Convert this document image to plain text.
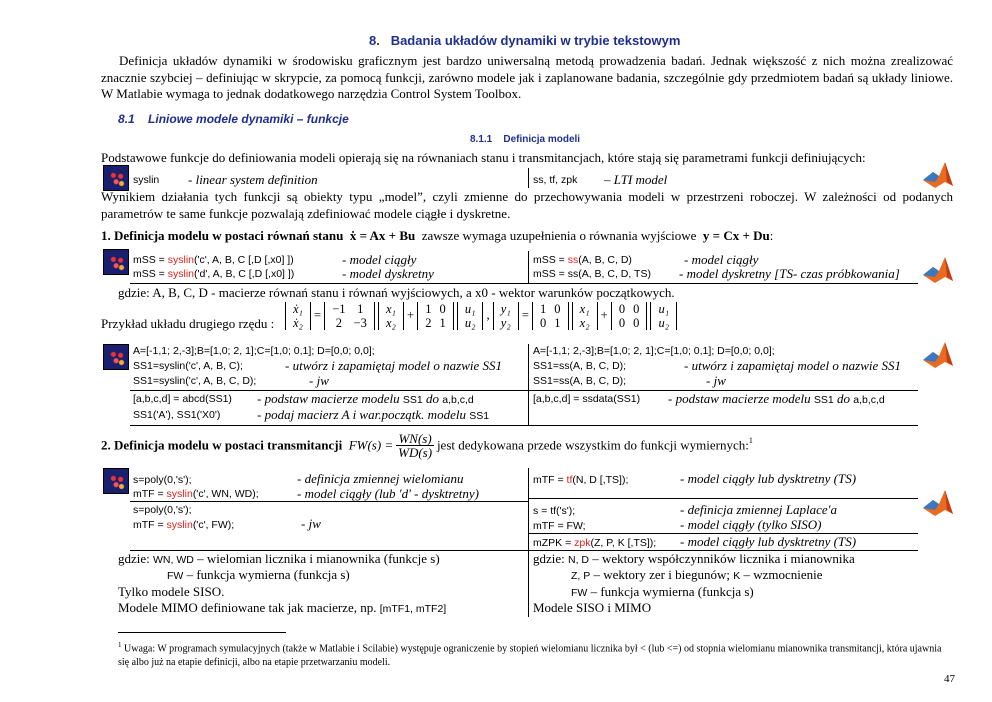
8. Badania układów dynamiki w trybie tekstowym
Definicja układów dynamiki w środowisku graficznym jest bardzo uniwersalną metodą prowadzenia badań. Jednak większość z nich można zrealizować znacznie szybciej – definiując w skrypcie, za pomocą funkcji, zarówno modele jak i zaplanowane badania, szczególnie gdy przedmiotem badań są układy liniowe. W Matlabie wymaga to jednak dodatkowego narzędzia Control System Toolbox.
8.1 Liniowe modele dynamiki – funkcje
8.1.1 Definicja modeli
Podstawowe funkcje do definiowania modeli opierają się na równaniach stanu i transmitancjach, które stają się parametrami funkcji definiujących:
syslin - linear system definition	ss, tf, zpk – LTI model
Wynikiem działania tych funkcji są obiekty typu „model”, czyli zmienne do przechowywania modeli w przestrzeni roboczej. W zależności od podanych parametrów te same funkcje pozwalają zdefiniować modele ciągłe i dyskretne.
1. Definicja modelu w postaci równań stanu ẋ = Ax + Bu zawsze wymaga uzupełnienia o równania wyjściowe y = Cx + Du:
mSS = syslin('c', A, B, C [,D [,x0] ])	- model ciągły
mSS = syslin('d', A, B, C [,D [,x0] ])	- model dyskretny
mSS = ss(A, B, C, D)	- model ciągły
mSS = ss(A, B, C, D, TS) - model dyskretny [TS- czas próbkowania]
gdzie: A, B, C, D - macierze równań stanu i równań wyjściowych, a x0 - wektor warunków początkowych.
Przykład układu drugiego rzędu :
ẋ₁
ẋ₂
= −1	1
2	−3

x₁
x₂
+ 1	0
2	1

u₁
u₂
, y₁
y₂
= 1	0
0	1

x₁
x₂
+ 0	0
0	0

u₁
u₂
A=[-1,1; 2,-3];B=[1,0; 2, 1];C=[1,0; 0,1]; D=[0,0; 0,0];
SS1=syslin('c', A, B, C);	- utwórz i zapamiętaj model o nazwie SS1
SS1=syslin('c', A, B, C, D);	- jw
[a,b,c,d] = abcd(SS1) - podstaw macierze modelu SS1 do a,b,c,d
SS1('A'), SS1('X0')	- podaj macierz A i war.początk. modelu SS1
A=[-1,1; 2,-3];B=[1,0; 2, 1];C=[1,0; 0,1]; D=[0,0; 0,0];
SS1=ss(A, B, C, D);	- utwórz i zapamiętaj model o nazwie SS1
SS1=ss(A, B, C, D);	- jw
[a,b,c,d] = ssdata(SS1) - podstaw macierze modelu SS1 do a,b,c,d
2. Definicja modelu w postaci transmitancji $FW(s) = \frac{WN(s)}{WD(s)}$ jest dedykowana przede wszystkim do funkcji wymiernych:$^1$
s=poly(0,'s');	- definicja zmiennej wielomianu
mTF = syslin('c', WN, WD);	- model ciągły (lub 'd' - dysktretny)
s=poly(0,'s');
mTF = syslin('c', FW);	- jw
mTF = tf(N, D [,TS]);	- model ciągły lub dysktretny (TS)
s = tf('s');	- definicja zmiennej Laplace'a
mTF = FW;	- model ciągły (tylko SISO)
mZPK = zpk(Z, P, K [,TS]); - model ciągły lub dysktretny (TS)
gdzie: WN, WD – wielomian licznika i mianownika (funkcje s)
FW – funkcja wymierna (funkcja s)
Tylko modele SISO.
Modele MIMO definiowane tak jak macierze, np. [mTF1, mTF2]
gdzie: N, D – wektory współczynników licznika i mianownika
Z, P – wektory zer i biegunów; K – wzmocnienie
FW – funkcja wymierna (funkcja s)
Modele SISO i MIMO
$^1$ Uwaga: W programach symulacyjnych (także w Matlabie i Scilabie) występuje ograniczenie by stopień wielomianu licznika był < (lub <=) od stopnia wielomianu mianownika transmitancji, która ujawnia się albo już na etapie definicji, albo na etapie przetwarzaniu modeli.
47
